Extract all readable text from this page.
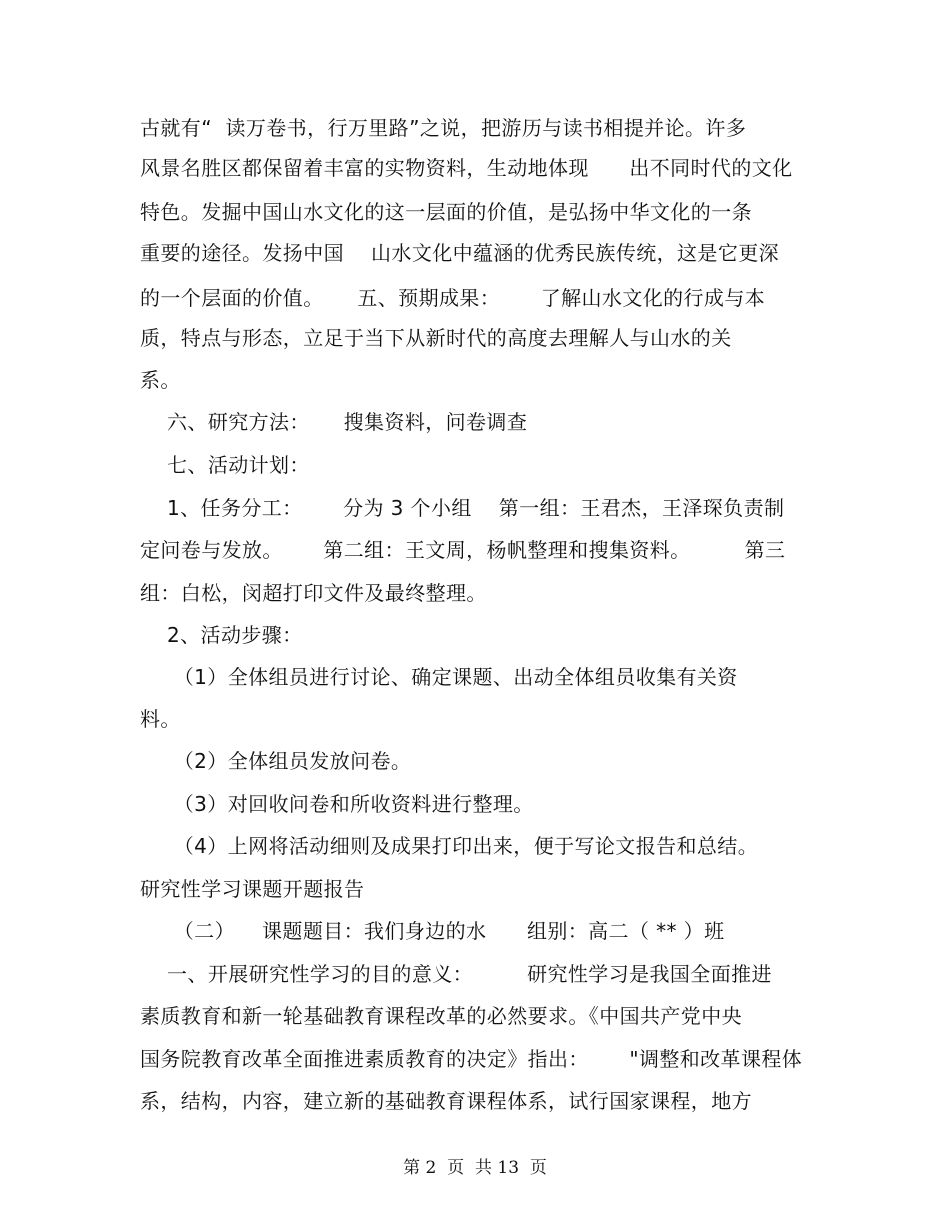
古就有“  读万卷书，行万里路”之说，把游历与读书相提并论。许多
风景名胜区都保留着丰富的实物资料，生动地体现      出不同时代的文化
特色。发掘中国山水文化的这一层面的价值，是弘扬中华文化的一条
重要的途径。发扬中国    山水文化中蕴涵的优秀民族传统，这是它更深
的一个层面的价值。     五、预期成果：      了解山水文化的行成与本
质，特点与形态，立足于当下从新时代的高度去理解人与山水的关
系。
六、研究方法：     搜集资料，问卷调查
七、活动计划：
1、任务分工：      分为 3 个小组    第一组：王君杰，王泽琛负责制
定问卷与发放。      第二组：王文周，杨帆整理和搜集资料。        第三
组：白松，闵超打印文件及最终整理。
2、活动步骤：
（1）全体组员进行讨论、确定课题、出动全体组员收集有关资
料。
（2）全体组员发放问卷。
（3）对回收问卷和所收资料进行整理。
（4）上网将活动细则及成果打印出来，便于写论文报告和总结。
研究性学习课题开题报告
（二）    课题题目：我们身边的水      组别：高二（ ** ）班
一、开展研究性学习的目的意义：        研究性学习是我国全面推进
素质教育和新一轮基础教育课程改革的必然要求。《中国共产党中央
国务院教育改革全面推进素质教育的决定》指出：      "调整和改革课程体
系，结构，内容，建立新的基础教育课程体系，试行国家课程，地方
第 2  页  共 13  页
